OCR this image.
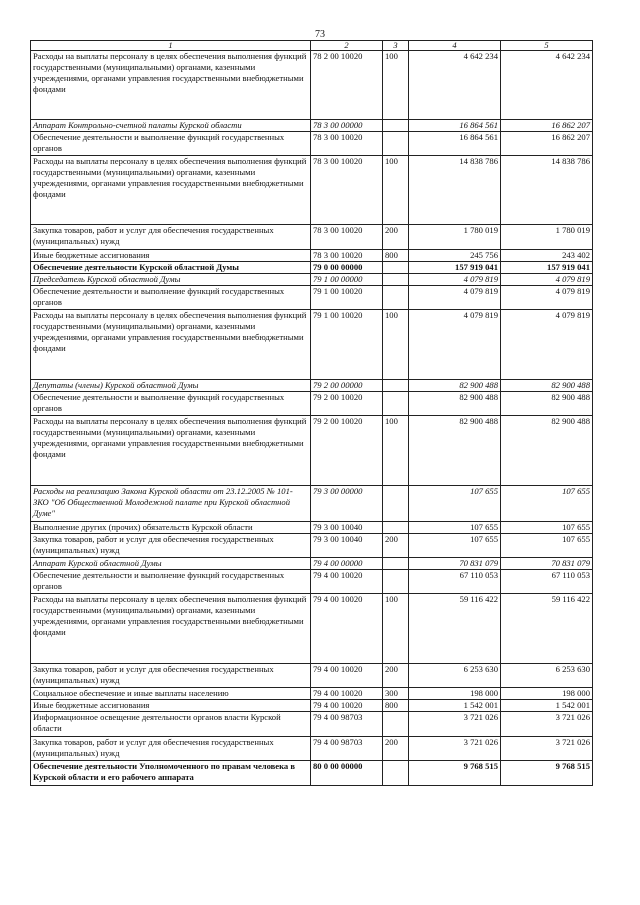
73
1	2	3	4	5
Расходы на выплаты персоналу в целях обеспечения выполнения функций государственными (муниципальными) органами, казенными учреждениями, органами управления государственными внебюджетными фондами	78 2 00 10020	100	4 642 234	4 642 234
Аппарат Контрольно-счетной палаты Курской области	78 3 00 00000		16 864 561	16 862 207
Обеспечение деятельности и выполнение функций государственных органов	78 3 00 10020		16 864 561	16 862 207
Расходы на выплаты персоналу в целях обеспечения выполнения функций государственными (муниципальными) органами, казенными учреждениями, органами управления государственными внебюджетными фондами	78 3 00 10020	100	14 838 786	14 838 786
Закупка товаров, работ и услуг для обеспечения государственных (муниципальных) нужд	78 3 00 10020	200	1 780 019	1 780 019
Иные бюджетные ассигнования	78 3 00 10020	800	245 756	243 402
Обеспечение деятельности Курской областной Думы	79 0 00 00000		157 919 041	157 919 041
Председатель Курской областной Думы	79 1 00 00000		4 079 819	4 079 819
Обеспечение деятельности и выполнение функций государственных органов	79 1 00 10020		4 079 819	4 079 819
Расходы на выплаты персоналу в целях обеспечения выполнения функций государственными (муниципальными) органами, казенными учреждениями, органами управления государственными внебюджетными фондами	79 1 00 10020	100	4 079 819	4 079 819
Депутаты (члены) Курской областной Думы	79 2 00 00000		82 900 488	82 900 488
Обеспечение деятельности и выполнение функций государственных органов	79 2 00 10020		82 900 488	82 900 488
Расходы на выплаты персоналу в целях обеспечения выполнения функций государственными (муниципальными) органами, казенными учреждениями, органами управления государственными внебюджетными фондами	79 2 00 10020	100	82 900 488	82 900 488
Расходы на реализацию Закона Курской области от 23.12.2005 № 101-ЗКО "Об Общественной Молодежной палате при Курской областной Думе"	79 3 00 00000		107 655	107 655
Выполнение других (прочих) обязательств Курской области	79 3 00 10040		107 655	107 655
Закупка товаров, работ и услуг для обеспечения государственных (муниципальных) нужд	79 3 00 10040	200	107 655	107 655
Аппарат Курской областной Думы	79 4 00 00000		70 831 079	70 831 079
Обеспечение деятельности и выполнение функций государственных органов	79 4 00 10020		67 110 053	67 110 053
Расходы на выплаты персоналу в целях обеспечения выполнения функций государственными (муниципальными) органами, казенными учреждениями, органами управления государственными внебюджетными фондами	79 4 00 10020	100	59 116 422	59 116 422
Закупка товаров, работ и услуг для обеспечения государственных (муниципальных) нужд	79 4 00 10020	200	6 253 630	6 253 630
Социальное обеспечение и иные выплаты населению	79 4 00 10020	300	198 000	198 000
Иные бюджетные ассигнования	79 4 00 10020	800	1 542 001	1 542 001
Информационное освещение деятельности органов власти Курской области	79 4 00 98703		3 721 026	3 721 026
Закупка товаров, работ и услуг для обеспечения государственных (муниципальных) нужд	79 4 00 98703	200	3 721 026	3 721 026
Обеспечение деятельности Уполномоченного по правам человека в Курской области и его рабочего аппарата	80 0 00 00000		9 768 515	9 768 515
